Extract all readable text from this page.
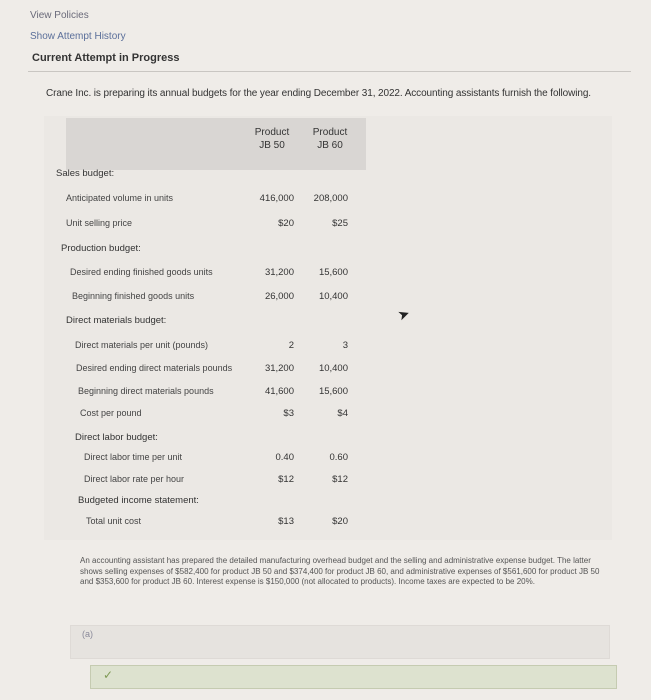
View Policies
Show Attempt History
Current Attempt in Progress
Crane Inc. is preparing its annual budgets for the year ending December 31, 2022. Accounting assistants furnish the following.
Product
JB 50
Product
JB 60
Sales budget:
Anticipated volume in units	416,000	208,000
Unit selling price	$20	$25
Production budget:
Desired ending finished goods units	31,200	15,600
Beginning finished goods units	26,000	10,400
Direct materials budget:
Direct materials per unit (pounds)	2	3
Desired ending direct materials pounds	31,200	10,400
Beginning direct materials pounds	41,600	15,600
Cost per pound	$3	$4
Direct labor budget:
Direct labor time per unit	0.40	0.60
Direct labor rate per hour	$12	$12
Budgeted income statement:
Total unit cost	$13	$20
An accounting assistant has prepared the detailed manufacturing overhead budget and the selling and administrative expense budget. The latter shows selling expenses of $582,400 for product JB 50 and $374,400 for product JB 60, and administrative expenses of $561,600 for product JB 50 and $353,600 for product JB 60. Interest expense is $150,000 (not allocated to products). Income taxes are expected to be 20%.
(a)
✓
➤
